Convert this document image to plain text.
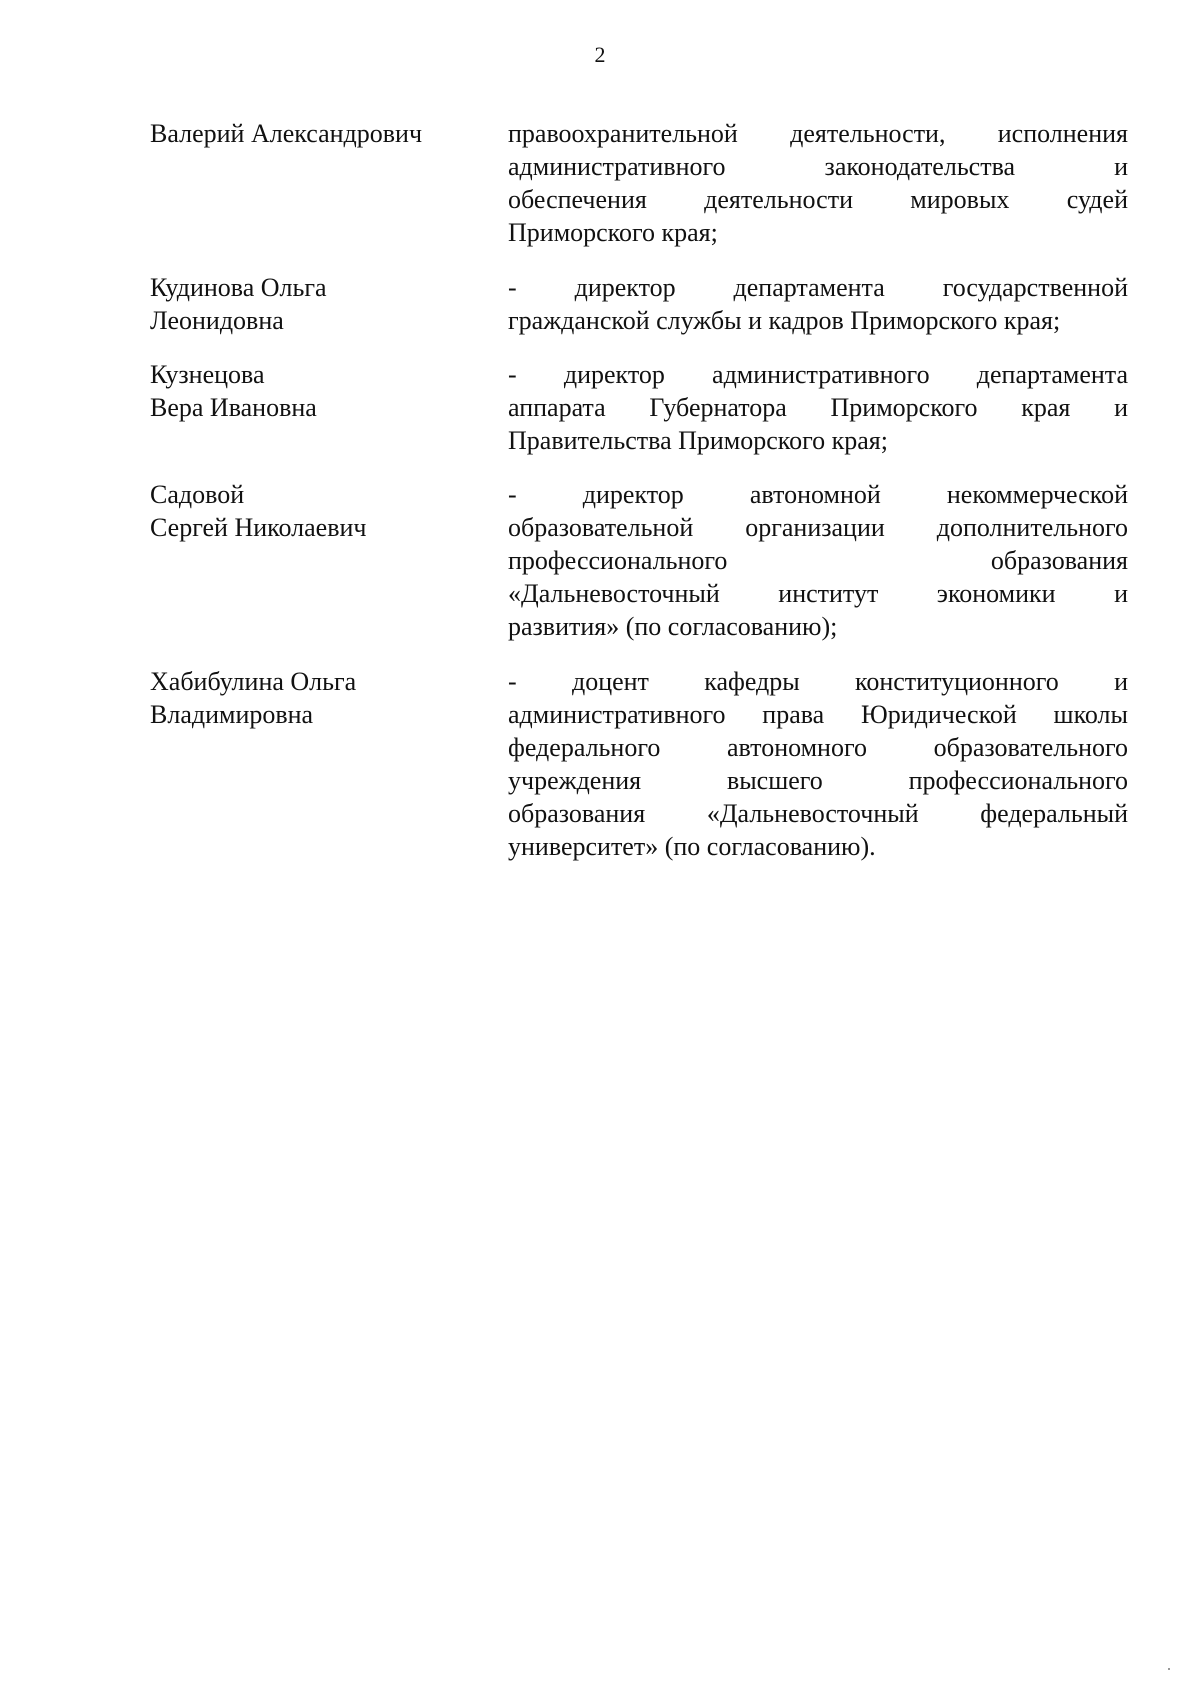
2
Валерий Александрович	правоохранительной деятельности, исполнения
административного законодательства и
обеспечения деятельности мировых судей
Приморского края;
Кудинова Ольга
Леонидовна
- директор департамента государственной
гражданской службы и кадров Приморского края;
Кузнецова
Вера Ивановна
- директор административного департамента
аппарата Губернатора Приморского края и
Правительства Приморского края;
Садовой
Сергей Николаевич
- директор автономной некоммерческой
образовательной организации дополнительного
профессионального образования
«Дальневосточный институт экономики и
развития» (по согласованию);
Хабибулина Ольга
Владимировна
- доцент кафедры конституционного и
административного права Юридической школы
федерального автономного образовательного
учреждения высшего профессионального
образования «Дальневосточный федеральный
университет» (по согласованию).
